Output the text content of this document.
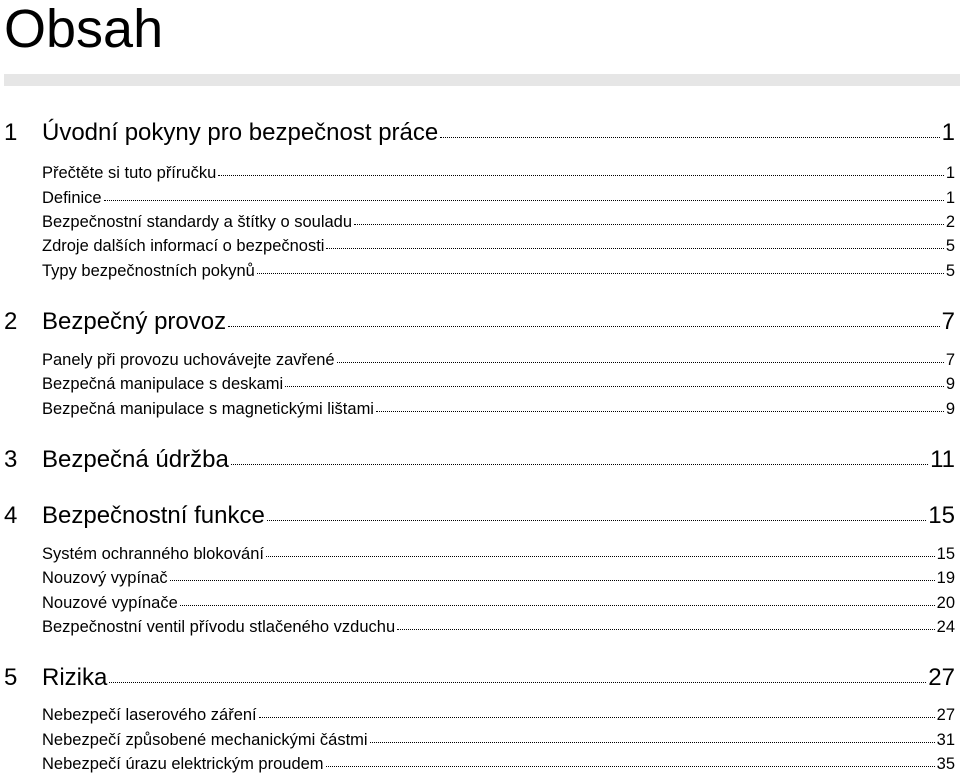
Obsah
1 Úvodní pokyny pro bezpečnost práce	1
Přečtěte si tuto příručku	1
Definice	1
Bezpečnostní standardy a štítky o souladu	2
Zdroje dalších informací o bezpečnosti	5
Typy bezpečnostních pokynů	5
2 Bezpečný provoz	7
Panely při provozu uchovávejte zavřené	7
Bezpečná manipulace s deskami	9
Bezpečná manipulace s magnetickými lištami	9
3 Bezpečná údržba	11
4 Bezpečnostní funkce	15
Systém ochranného blokování	15
Nouzový vypínač	19
Nouzové vypínače	20
Bezpečnostní ventil přívodu stlačeného vzduchu	24
5 Rizika	27
Nebezpečí laserového záření	27
Nebezpečí způsobené mechanickými částmi	31
Nebezpečí úrazu elektrickým proudem	35
